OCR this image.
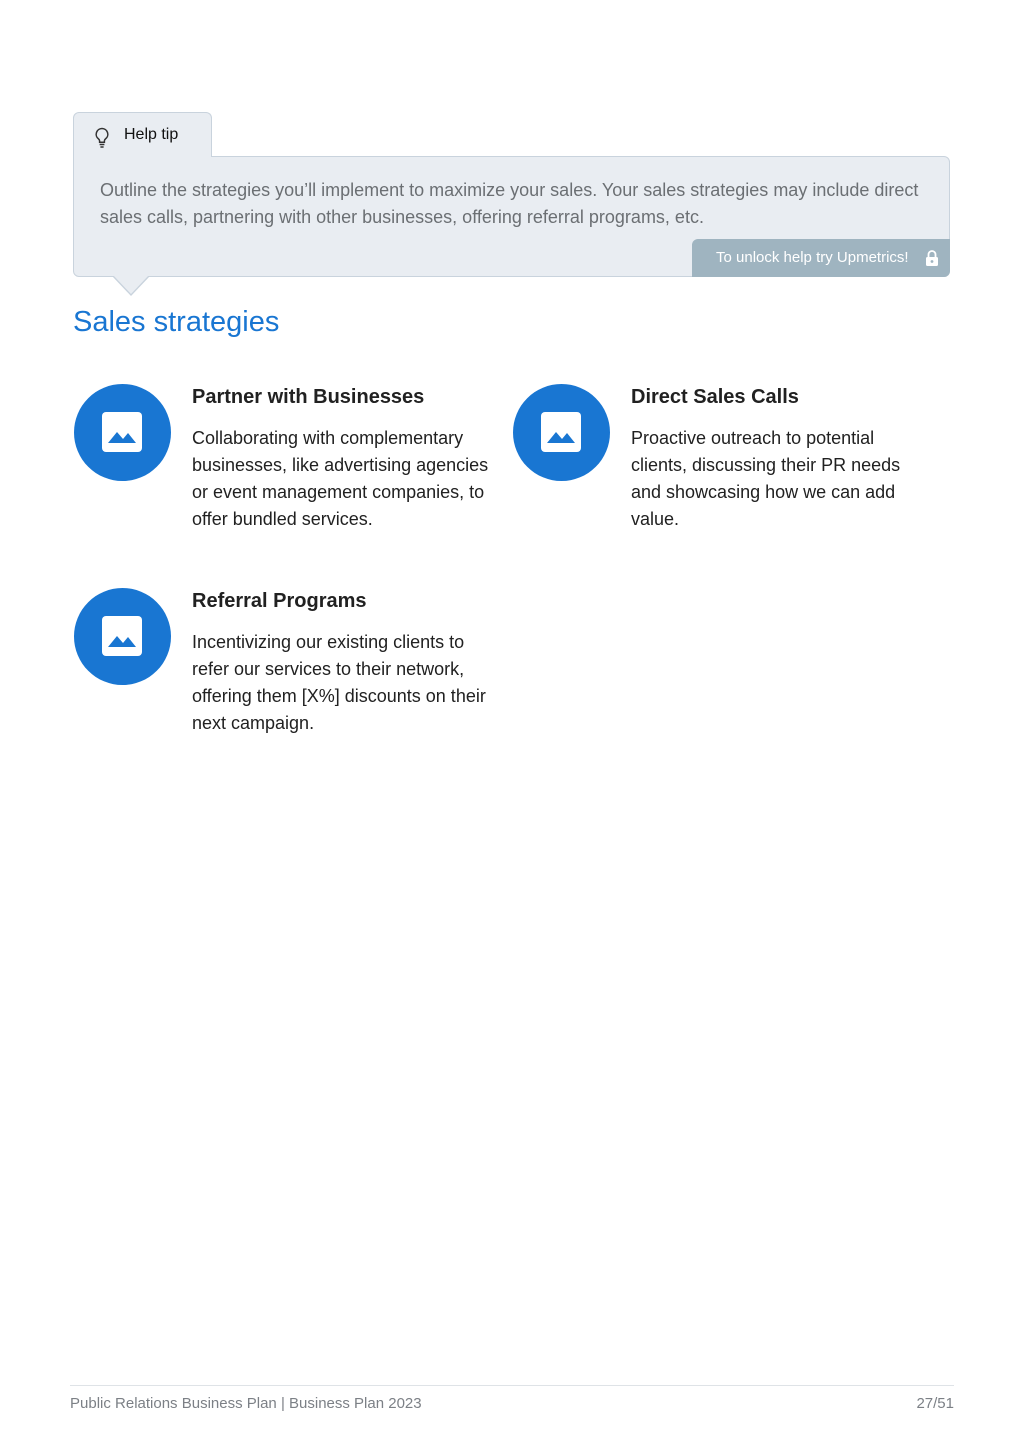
Help tip
Outline the strategies you’ll implement to maximize your sales. Your sales strategies may include direct sales calls, partnering with other businesses, offering referral programs, etc.
To unlock help try Upmetrics!
Sales strategies
Partner with Businesses
Collaborating with complementary businesses, like advertising agencies or event management companies, to offer bundled services.
Direct Sales Calls
Proactive outreach to potential clients, discussing their PR needs and showcasing how we can add value.
Referral Programs
Incentivizing our existing clients to refer our services to their network, offering them [X%] discounts on their next campaign.
Public Relations Business Plan | Business Plan 2023	27/51
